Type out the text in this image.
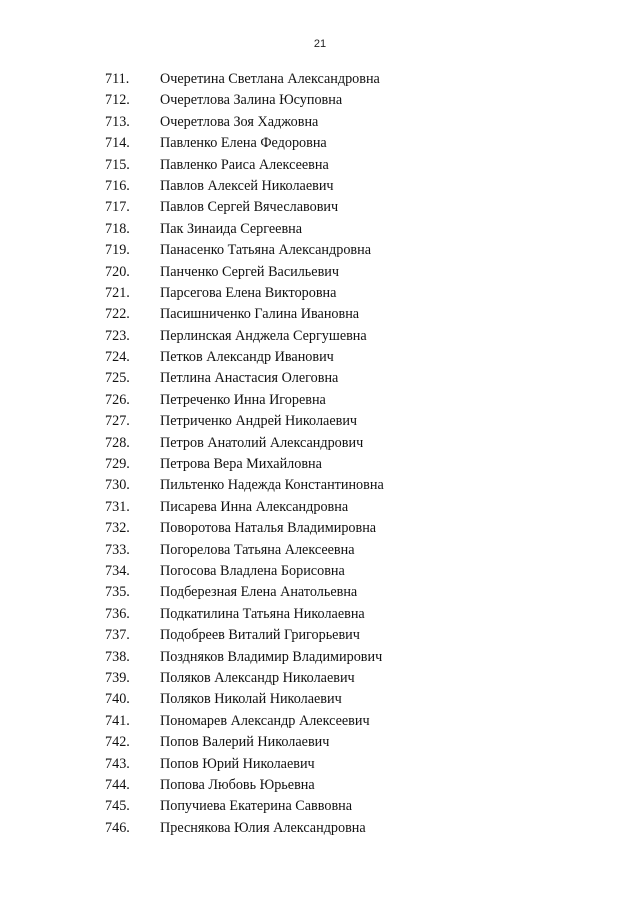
21
711. Очеретина Светлана Александровна
712. Очеретлова Залина Юсуповна
713. Очеретлова Зоя Хаджовна
714. Павленко Елена Федоровна
715. Павленко Раиса Алексеевна
716. Павлов Алексей Николаевич
717. Павлов Сергей Вячеславович
718. Пак Зинаида Сергеевна
719. Панасенко Татьяна Александровна
720. Панченко Сергей Васильевич
721. Парсегова Елена Викторовна
722. Пасишниченко Галина Ивановна
723. Перлинская Анджела Сергушевна
724. Петков Александр Иванович
725. Петлина Анастасия Олеговна
726. Петреченко Инна Игоревна
727. Петриченко Андрей Николаевич
728. Петров Анатолий Александрович
729. Петрова Вера Михайловна
730. Пильтенко Надежда Константиновна
731. Писарева Инна Александровна
732. Поворотова Наталья Владимировна
733. Погорелова Татьяна Алексеевна
734. Погосова Владлена Борисовна
735. Подберезная Елена Анатольевна
736. Подкатилина Татьяна Николаевна
737. Подобреев Виталий Григорьевич
738. Поздняков Владимир Владимирович
739. Поляков Александр Николаевич
740. Поляков Николай Николаевич
741. Пономарев Александр Алексеевич
742. Попов Валерий Николаевич
743. Попов Юрий Николаевич
744. Попова Любовь Юрьевна
745. Попучиева Екатерина Саввовна
746. Преснякова Юлия Александровна
